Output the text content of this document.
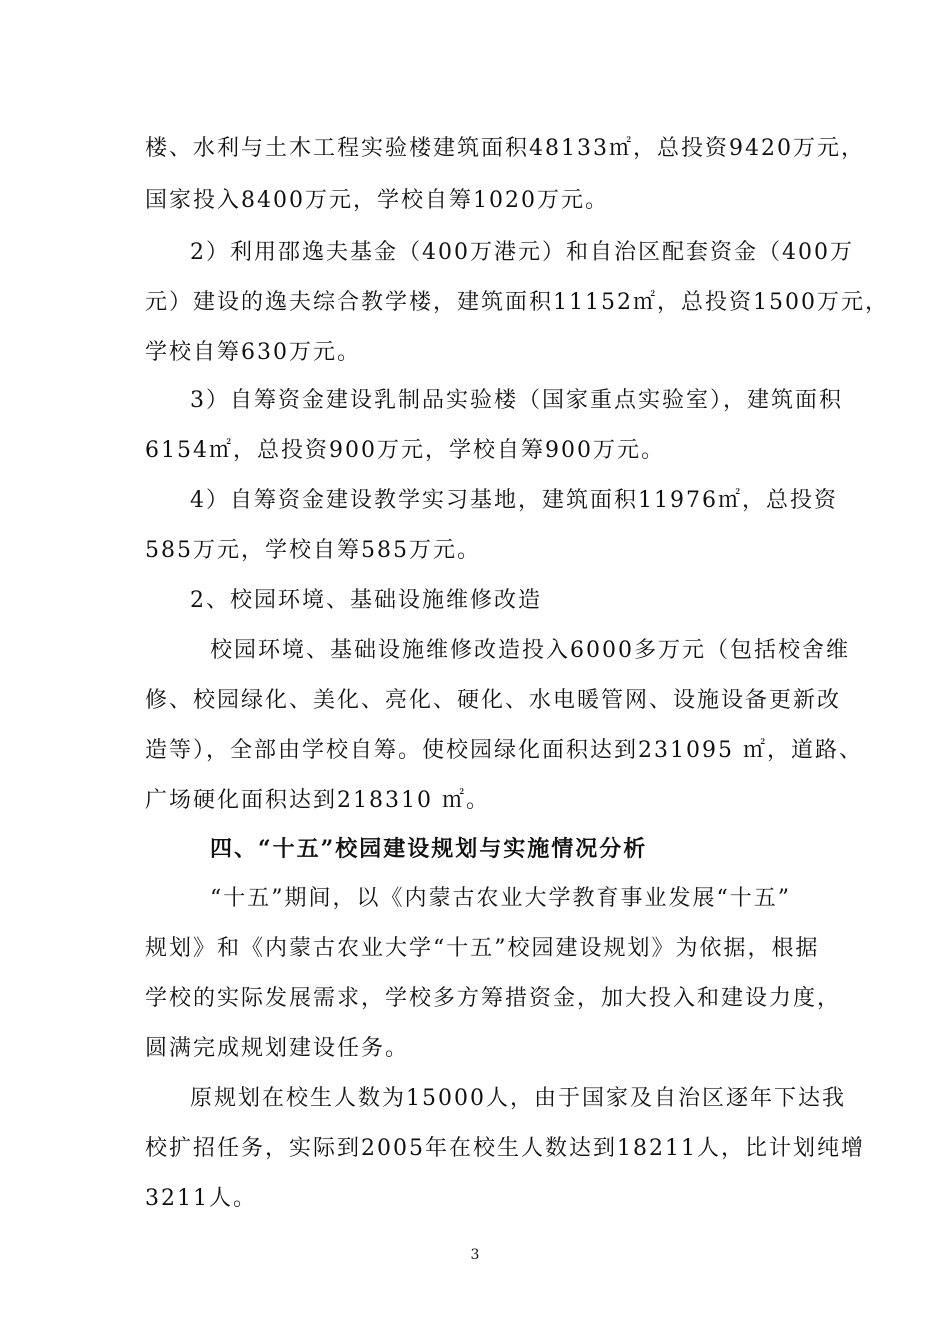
楼、水利与土木工程实验楼建筑面积48133㎡，总投资9420万元，
国家投入8400万元，学校自筹1020万元。
2）利用邵逸夫基金（400万港元）和自治区配套资金（400万
元）建设的逸夫综合教学楼，建筑面积11152㎡，总投资1500万元，
学校自筹630万元。
3）自筹资金建设乳制品实验楼（国家重点实验室），建筑面积
6154㎡，总投资900万元，学校自筹900万元。
4）自筹资金建设教学实习基地，建筑面积11976㎡，总投资
585万元，学校自筹585万元。
2、校园环境、基础设施维修改造
校园环境、基础设施维修改造投入6000多万元（包括校舍维
修、校园绿化、美化、亮化、硬化、水电暖管网、设施设备更新改
造等），全部由学校自筹。使校园绿化面积达到231095 ㎡，道路、
广场硬化面积达到218310 ㎡。
四、“十五”校园建设规划与实施情况分析
“十五”期间，以《内蒙古农业大学教育事业发展“十五”
规划》和《内蒙古农业大学“十五”校园建设规划》为依据，根据
学校的实际发展需求，学校多方筹措资金，加大投入和建设力度，
圆满完成规划建设任务。
原规划在校生人数为15000人，由于国家及自治区逐年下达我
校扩招任务，实际到2005年在校生人数达到18211人，比计划纯增
3211人。
3
